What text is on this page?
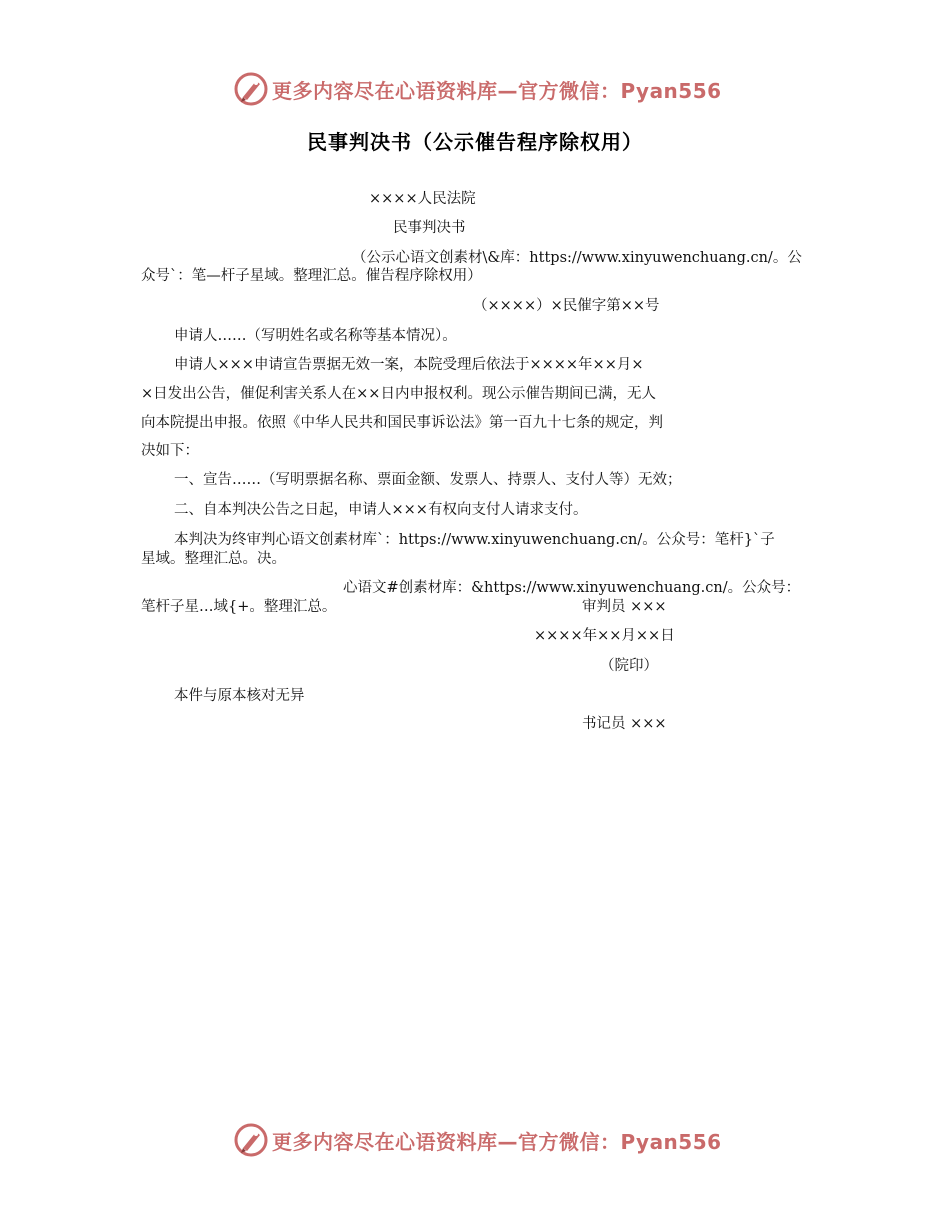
更多内容尽在心语资料库—官方微信：Pyan556
民事判决书（公示催告程序除权用）
××××人民法院
民事判决书
（公示心语文创素材\&库：https://www.xinyuwenchuang.cn/。公
众号`：笔—杆子星域。整理汇总。催告程序除权用）
（××××）×民催字第××号
申请人……（写明姓名或名称等基本情况）。
申请人×××申请宣告票据无效一案，本院受理后依法于××××年××月×
×日发出公告，催促利害关系人在××日内申报权利。现公示催告期间已满，无人
向本院提出申报。依照《中华人民共和国民事诉讼法》第一百九十七条的规定，判
决如下：
一、宣告……（写明票据名称、票面金额、发票人、持票人、支付人等）无效；
二、自本判决公告之日起，申请人×××有权向支付人请求支付。
本判决为终审判心语文创素材库`：https://www.xinyuwenchuang.cn/。公众号：笔杆}`子
星域。整理汇总。决。
心语文#创素材库：&https://www.xinyuwenchuang.cn/。公众号：
笔杆子星…域{+。整理汇总。	审判员 ×××
××××年××月××日
（院印）
本件与原本核对无异
书记员 ×××
更多内容尽在心语资料库—官方微信：Pyan556
